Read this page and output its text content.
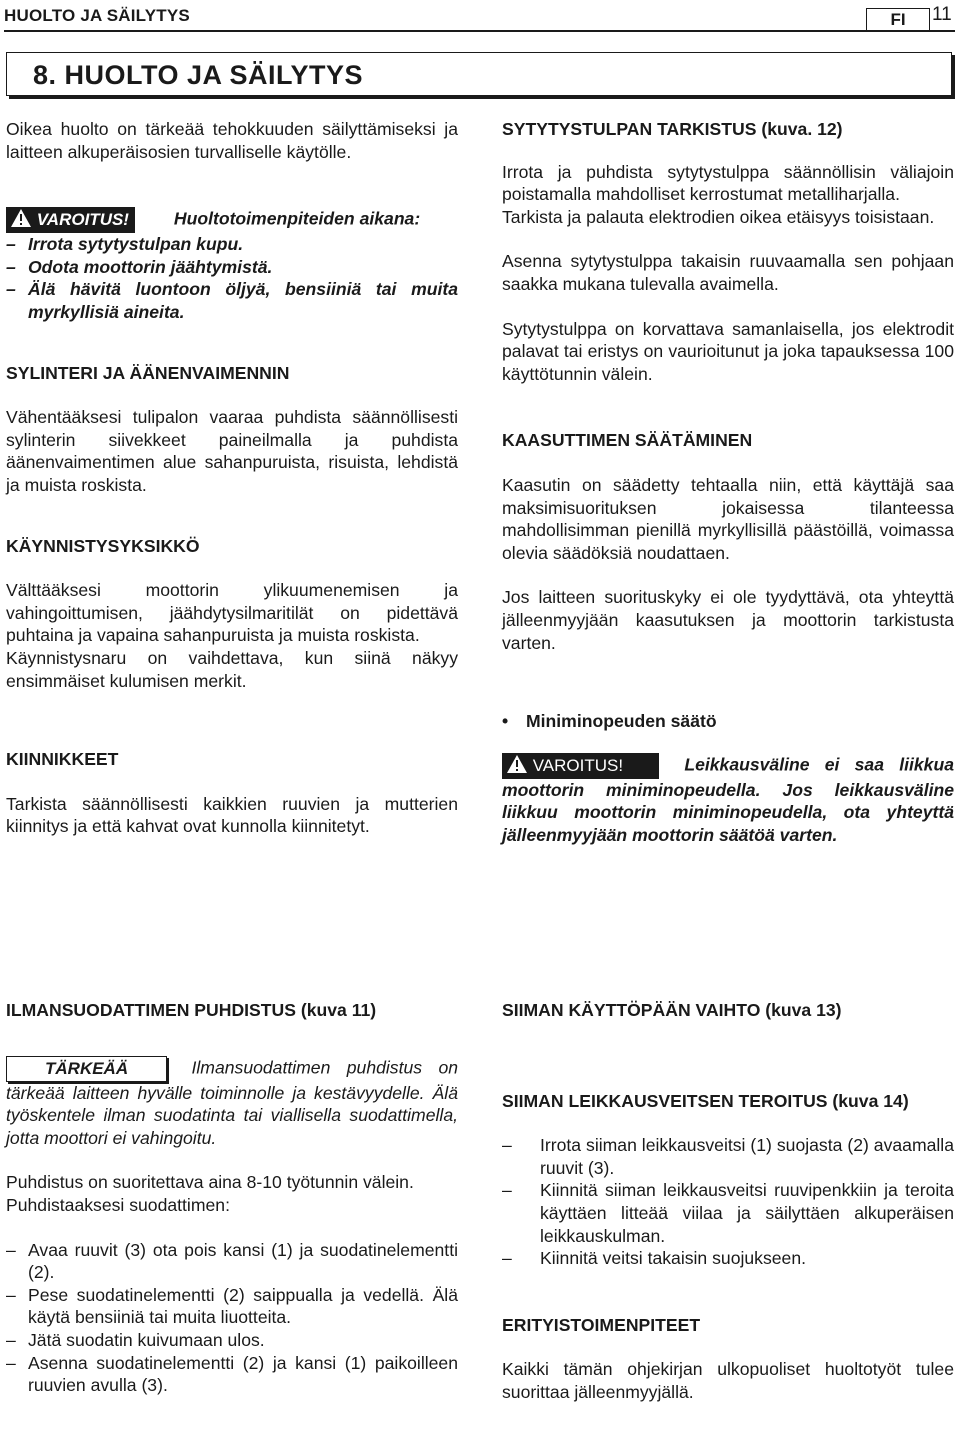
HUOLTO JA SÄILYTYS	FI	11
8. HUOLTO JA SÄILYTYS

Oikea huolto on tärkeää tehokkuuden säilyttämiseksi ja laitteen alkuperäisosien turvalliselle käytölle.

VAROITUS!	Huoltotoimenpiteiden aikana:

– Irrota sytytystulpan kupu.
– Odota moottorin jäähtymistä.
– Älä hävitä luontoon öljyä, bensiiniä tai muita myrkyllisiä aineita.
SYLINTERI JA ÄÄNENVAIMENNIN

Vähentääksesi tulipalon vaaraa puhdista säännöllisesti sylinterin siivekkeet paineilmalla ja puhdista äänenvaimentimen alue sahanpuruista, risuista, lehdistä ja muista roskista.

KÄYNNISTYSYKSIKKÖ

Välttääksesi moottorin ylikuumenemisen ja vahingoittumisen, jäähdytysilmaritilät on pidettävä puhtaina ja vapaina sahanpuruista ja muista roskista.

Käynnistysnaru on vaihdettava, kun siinä näkyy ensimmäiset kulumisen merkit.

KIINNIKKEET

Tarkista säännöllisesti kaikkien ruuvien ja mutterien kiinnitys ja että kahvat ovat kunnolla kiinnitetyt.

ILMANSUODATTIMEN PUHDISTUS (kuva 11)

TÄRKEÄÄ	Ilmansuodattimen puhdistus on tärkeää laitteen hyvälle toiminnolle ja kestävyydelle. Älä työskentele ilman suodatinta tai viallisella suodattimella, jotta moottori ei vahingoitu.

Puhdistus on suoritettava aina 8-10 työtunnin välein.

Puhdistaaksesi suodattimen:

– Avaa ruuvit (3) ota pois kansi (1) ja suodatinelementti (2).
– Pese suodatinelementti (2) saippualla ja vedellä. Älä käytä bensiiniä tai muita liuotteita.
– Jätä suodatin kuivumaan ulos.
– Asenna suodatinelementti (2) ja kansi (1) paikoilleen ruuvien avulla (3).
SYTYTYSTULPAN TARKISTUS (kuva. 12)

Irrota ja puhdista sytytystulppa säännöllisin väliajoin poistamalla mahdolliset kerrostumat metalliharjalla.

Tarkista ja palauta elektrodien oikea etäisyys toisistaan.

Asenna sytytystulppa takaisin ruuvaamalla sen pohjaan saakka mukana tulevalla avaimella.

Sytytystulppa on korvattava samanlaisella, jos elektrodit palavat tai eristys on vaurioitunut ja joka tapauksessa 100 käyttötunnin välein.

KAASUTTIMEN SÄÄTÄMINEN

Kaasutin on säädetty tehtaalla niin, että käyttäjä saa maksimisuorituksen jokaisessa tilanteessa mahdollisimman pienillä myrkyllisillä päästöillä, voimassa olevia säädöksiä noudattaen.

Jos laitteen suorituskyky ei ole tyydyttävä, ota yhteyttä jälleenmyyjään kaasutuksen ja moottorin tarkistusta varten.

•	Miniminopeuden säätö

VAROITUS!	Leikkausväline ei saa liikkua moottorin miniminopeudella. Jos leikkausväline liikkuu moottorin miniminopeudella, ota yhteyttä jälleenmyyjään moottorin säätöä varten.

SIIMAN KÄYTTÖPÄÄN VAIHTO (kuva 13)
SIIMAN LEIKKAUSVEITSEN TEROITUS (kuva 14)
–	Irrota siiman leikkausveitsi (1) suojasta (2) avaamalla ruuvit (3).
–	Kiinnitä siiman leikkausveitsi ruuvipenkkiin ja teroita käyttäen litteää viilaa ja säilyttäen alkuperäisen leikkauskulman.
–	Kiinnitä veitsi takaisin suojukseen.
ERITYISTOIMENPITEET

Kaikki tämän ohjekirjan ulkopuoliset huoltotyöt tulee suorittaa jälleenmyyjällä.
